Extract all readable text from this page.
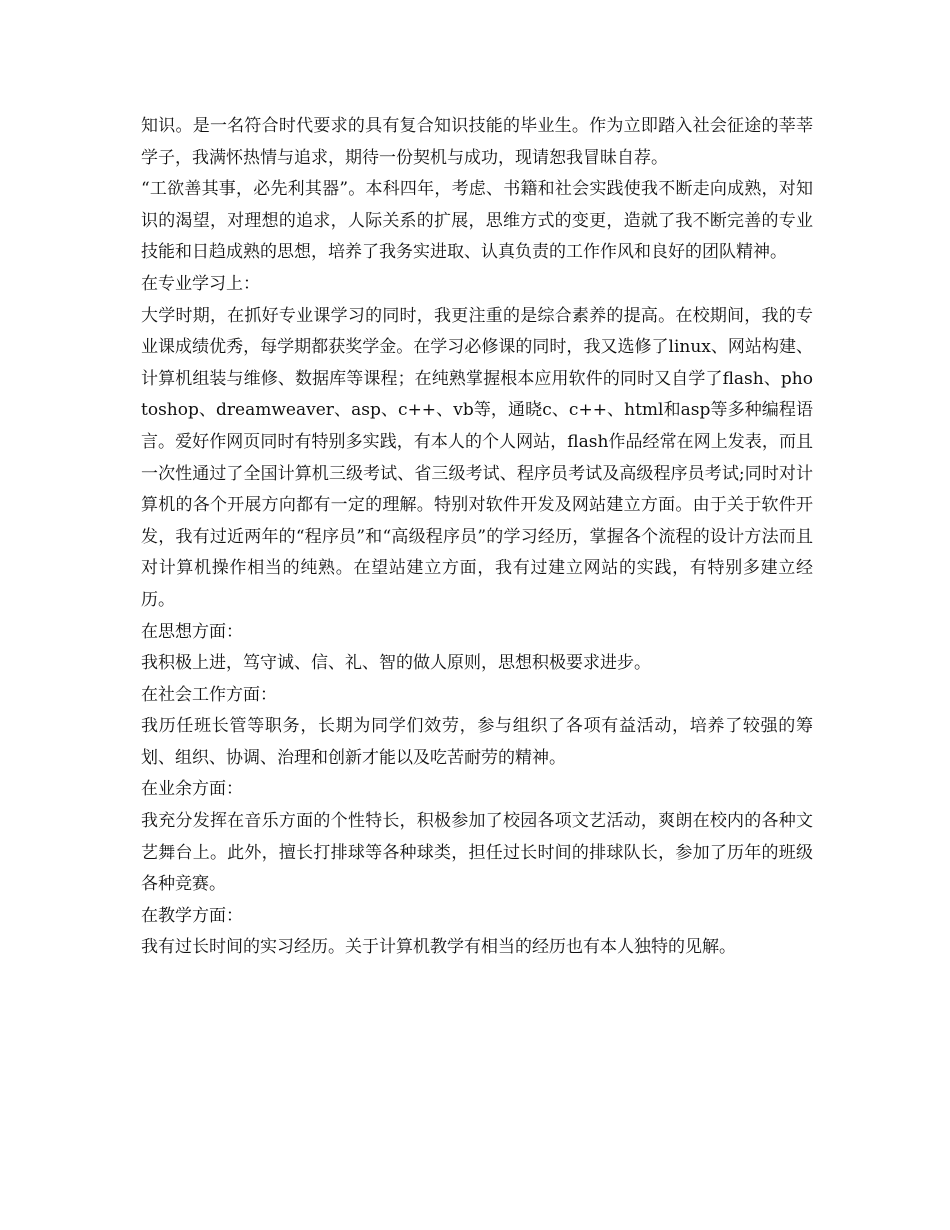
知识。是一名符合时代要求的具有复合知识技能的毕业生。作为立即踏入社会征途的莘莘学子，我满怀热情与追求，期待一份契机与成功，现请恕我冒昧自荐。

“工欲善其事，必先利其器”。本科四年，考虑、书籍和社会实践使我不断走向成熟，对知识的渴望，对理想的追求，人际关系的扩展，思维方式的变更，造就了我不断完善的专业技能和日趋成熟的思想，培养了我务实进取、认真负责的工作作风和良好的团队精神。

在专业学习上：

大学时期，在抓好专业课学习的同时，我更注重的是综合素养的提高。在校期间，我的专业课成绩优秀，每学期都获奖学金。在学习必修课的同时，我又选修了linux、网站构建、计算机组装与维修、数据库等课程；在纯熟掌握根本应用软件的同时又自学了flash、photoshop、dreamweaver、asp、c++、vb等，通晓c、c++、html和asp等多种编程语言。爱好作网页同时有特别多实践，有本人的个人网站，flash作品经常在网上发表，而且一次性通过了全国计算机三级考试、省三级考试、程序员考试及高级程序员考试;同时对计算机的各个开展方向都有一定的理解。特别对软件开发及网站建立方面。由于关于软件开发，我有过近两年的“程序员”和“高级程序员”的学习经历，掌握各个流程的设计方法而且对计算机操作相当的纯熟。在望站建立方面，我有过建立网站的实践，有特别多建立经历。

在思想方面：

我积极上进，笃守诚、信、礼、智的做人原则，思想积极要求进步。

在社会工作方面：

我历任班长管等职务，长期为同学们效劳，参与组织了各项有益活动，培养了较强的筹划、组织、协调、治理和创新才能以及吃苦耐劳的精神。

在业余方面：

我充分发挥在音乐方面的个性特长，积极参加了校园各项文艺活动，爽朗在校内的各种文艺舞台上。此外，擅长打排球等各种球类，担任过长时间的排球队长，参加了历年的班级各种竞赛。

在教学方面：

我有过长时间的实习经历。关于计算机教学有相当的经历也有本人独特的见解。
